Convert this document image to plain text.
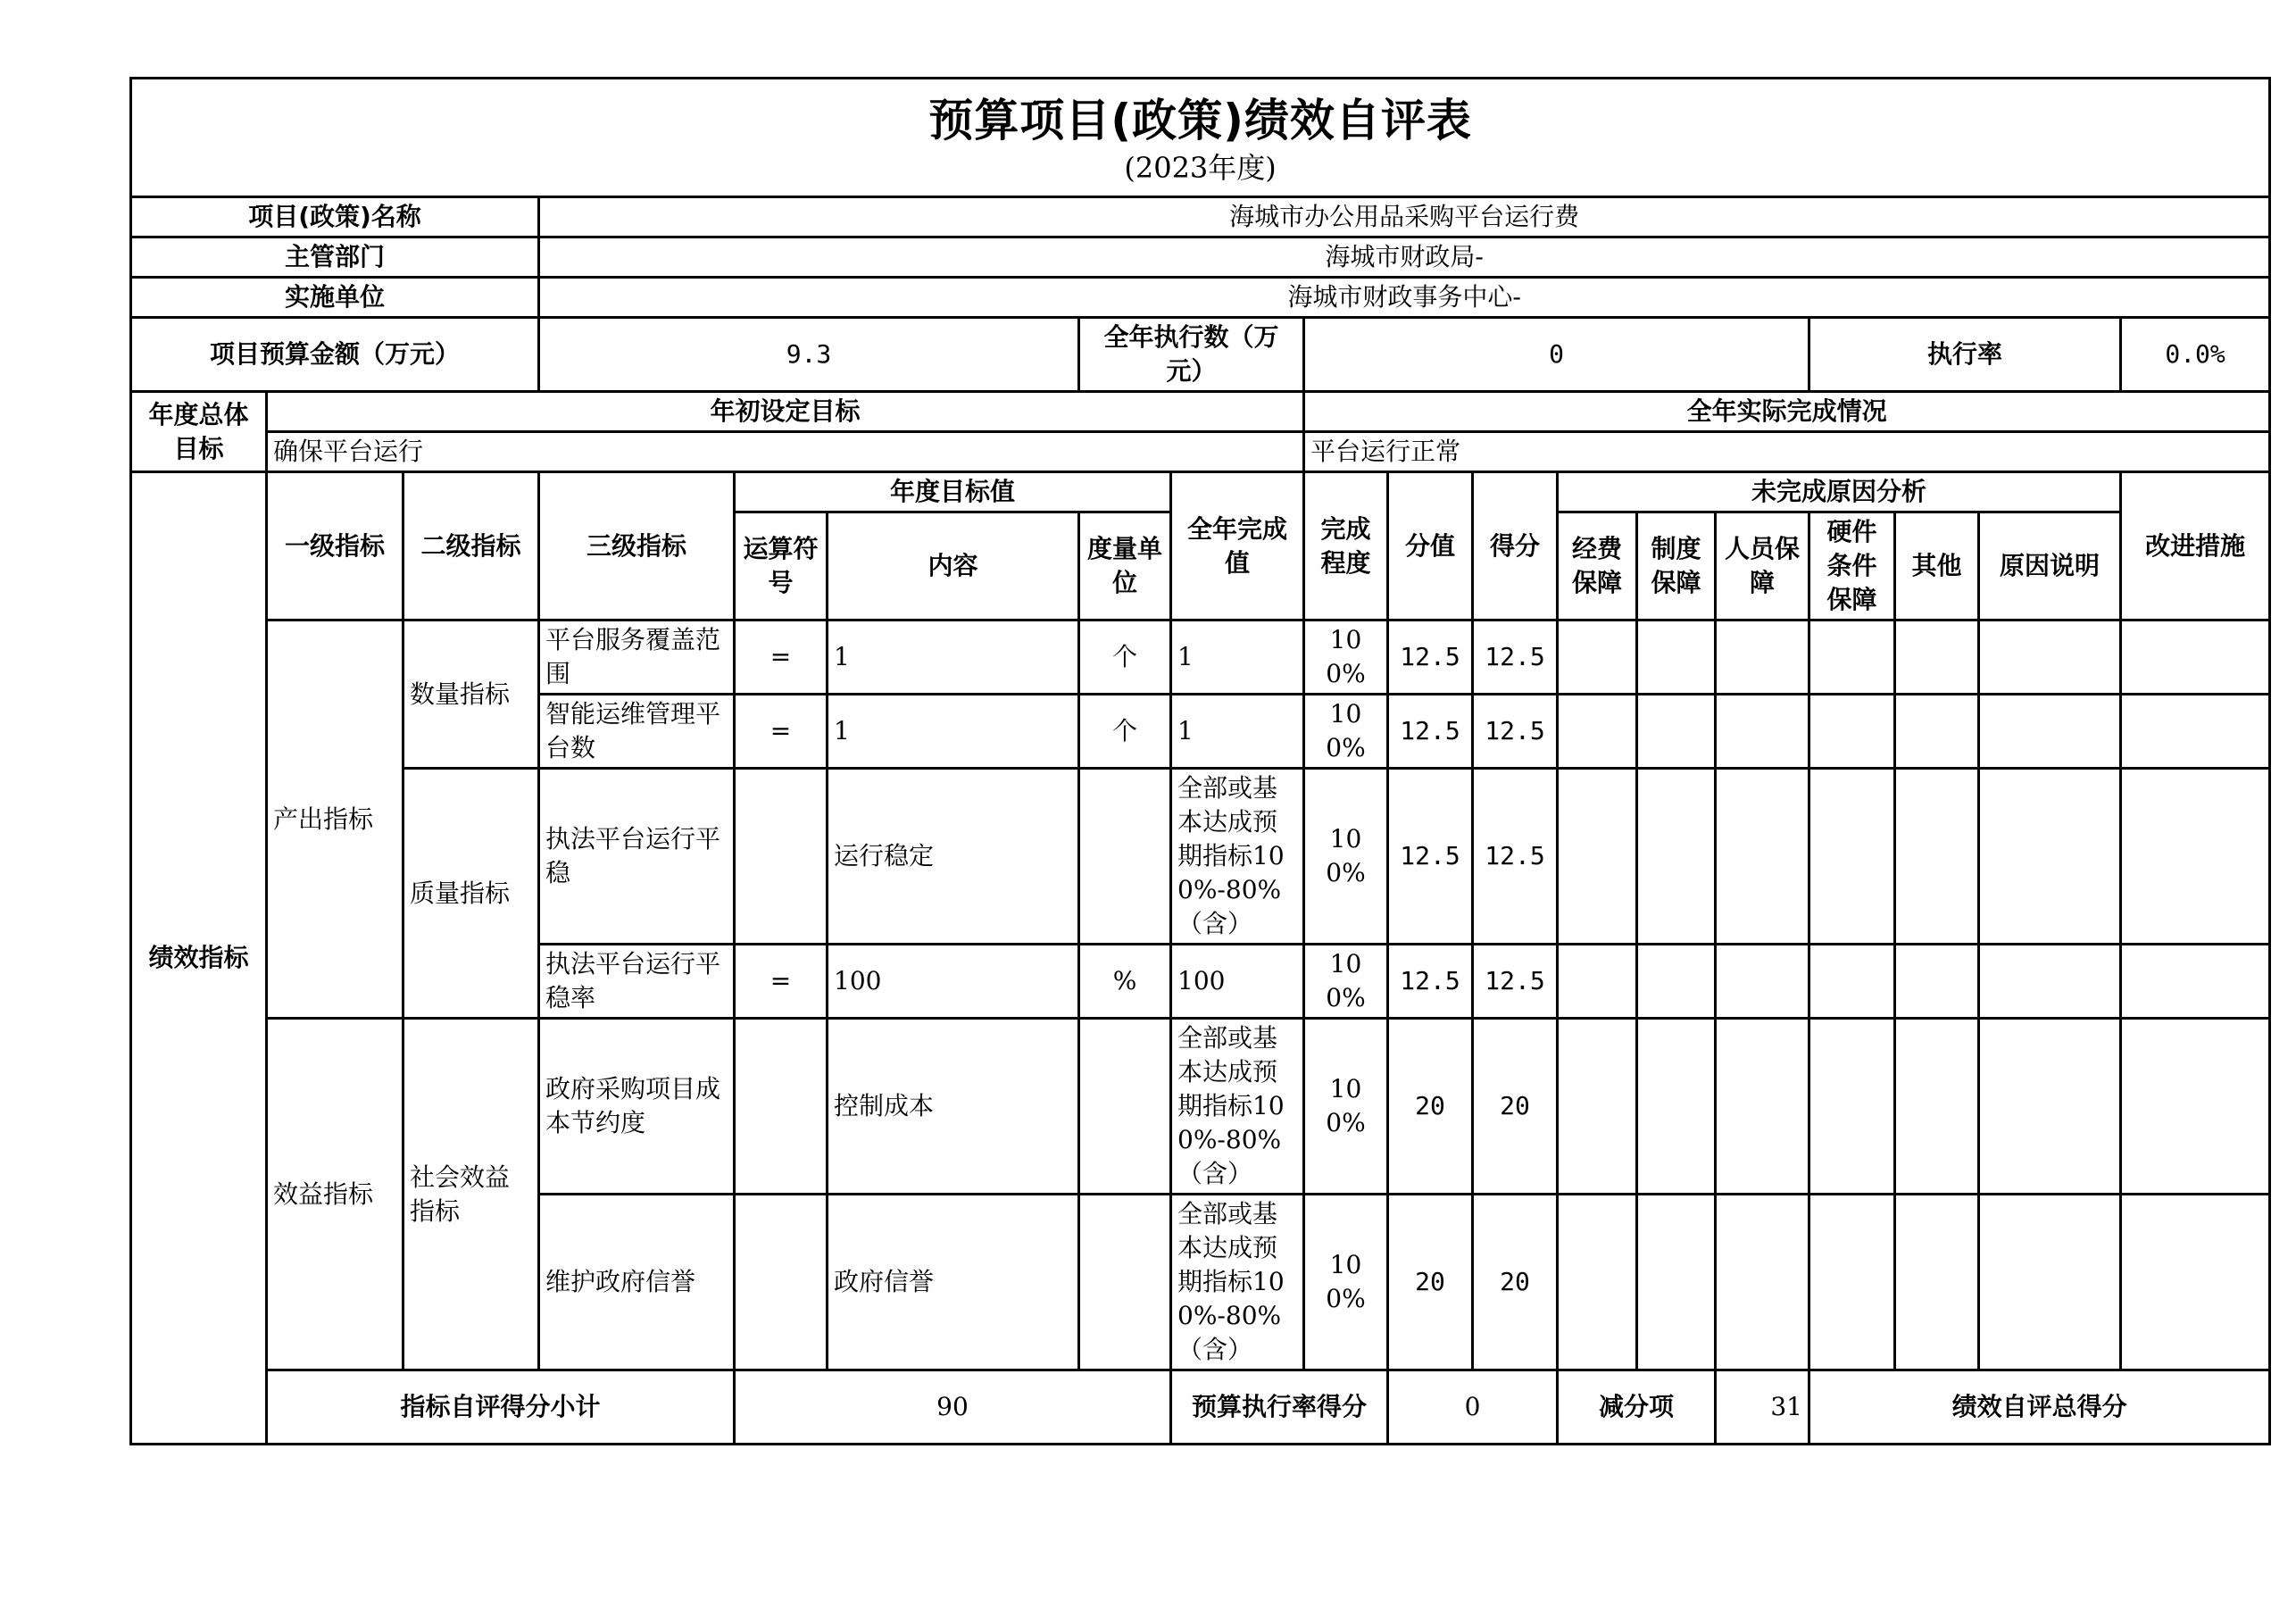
预算项目(政策)绩效自评表
(2023年度)																		

项目(政策)名称			海城市办公用品采购平台运行费															
主管部门			海城市财政局-															
实施单位			海城市财政事务中心-															
项目预算金额（万元）			9.3			全年执行数（万元）		0						执行率			0.0%	
年度总体目标	年初设定目标							全年实际完成情况										
	确保平台运行							平台运行正常										
绩效指标	一级指标	二级指标	三级指标	年度目标值			全年完成值	完成程度	分值	得分	未完成原因分析						改进措施	
				运算符号	内容	度量单位					经费保障	制度保障	人员保障	硬件条件保障	其他	原因说明		
	产出指标	数量指标	平台服务覆盖范围	=	1	个	1	100%	12.5	12.5								
			智能运维管理平台数	=	1	个	1	100%	12.5	12.5								
		质量指标	执法平台运行平稳		运行稳定		全部或基本达成预期指标100%-80%（含）	100%	12.5	12.5								
			执法平台运行平稳率	=	100	%	100	100%	12.5	12.5								
	效益指标	社会效益指标	政府采购项目成本节约度		控制成本		全部或基本达成预期指标100%-80%（含）	100%	20	20								
			维护政府信誉		政府信誉		全部或基本达成预期指标100%-80%（含）	100%	20	20								
	指标自评得分小计			90			预算执行率得分		0		减分项		31	绩效自评总得分	
